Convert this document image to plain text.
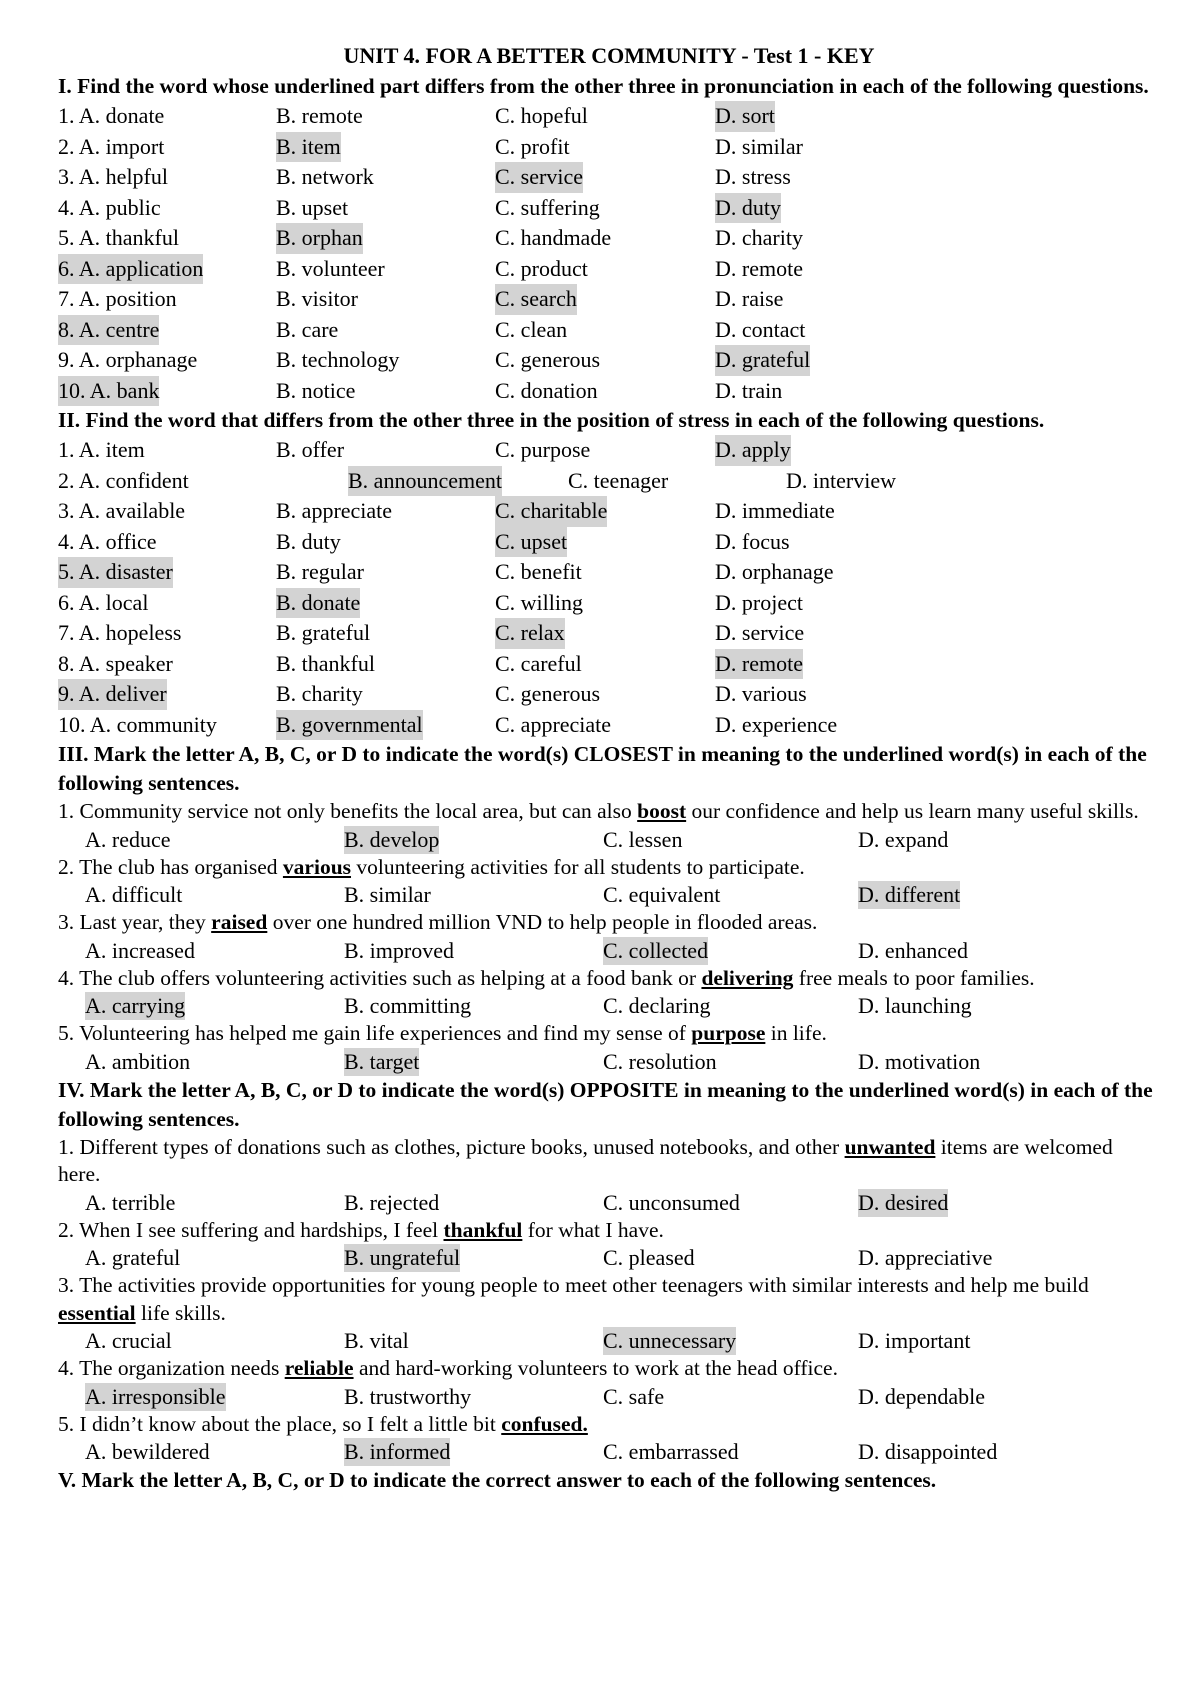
UNIT 4. FOR A BETTER COMMUNITY - Test 1 - KEY

I. Find the word whose underlined part differs from the other three in pronunciation in each of the following questions.

1. A. donate	B. remote	C. hopeful	D. sort
2. A. import	B. item	C. profit	D. similar
3. A. helpful	B. network	C. service	D. stress
4. A. public	B. upset	C. suffering	D. duty
5. A. thankful	B. orphan	C. handmade	D. charity
6. A. application	B. volunteer	C. product	D. remote
7. A. position	B. visitor	C. search	D. raise
8. A. centre	B. care	C. clean	D. contact
9. A. orphanage	B. technology	C. generous	D. grateful
10. A. bank	B. notice	C. donation	D. train

II. Find the word that differs from the other three in the position of stress in each of the following questions.

1. A. item	B. offer	C. purpose	D. apply
2. A. confident	B. announcement	C. teenager	D. interview
3. A. available	B. appreciate	C. charitable	D. immediate
4. A. office	B. duty	C. upset	D. focus
5. A. disaster	B. regular	C. benefit	D. orphanage
6. A. local	B. donate	C. willing	D. project
7. A. hopeless	B. grateful	C. relax	D. service
8. A. speaker	B. thankful	C. careful	D. remote
9. A. deliver	B. charity	C. generous	D. various
10. A. community	B. governmental	C. appreciate	D. experience

III. Mark the letter A, B, C, or D to indicate the word(s) CLOSEST in meaning to the underlined word(s) in each of the following sentences.

1. Community service not only benefits the local area, but can also boost our confidence and help us learn many useful skills.

A. reduce	B. develop	C. lessen	D. expand

2. The club has organised various volunteering activities for all students to participate.

A. difficult	B. similar	C. equivalent	D. different

3. Last year, they raised over one hundred million VND to help people in flooded areas.

A. increased	B. improved	C. collected	D. enhanced

4. The club offers volunteering activities such as helping at a food bank or delivering free meals to poor families.

A. carrying	B. committing	C. declaring	D. launching

5. Volunteering has helped me gain life experiences and find my sense of purpose in life.

A. ambition	B. target	C. resolution	D. motivation

IV. Mark the letter A, B, C, or D to indicate the word(s) OPPOSITE in meaning to the underlined word(s) in each of the following sentences.

1. Different types of donations such as clothes, picture books, unused notebooks, and other unwanted items are welcomed here.

A. terrible	B. rejected	C. unconsumed	D. desired

2. When I see suffering and hardships, I feel thankful for what I have.

A. grateful	B. ungrateful	C. pleased	D. appreciative

3. The activities provide opportunities for young people to meet other teenagers with similar interests and help me build essential life skills.

A. crucial	B. vital	C. unnecessary	D. important

4. The organization needs reliable and hard-working volunteers to work at the head office.

A. irresponsible	B. trustworthy	C. safe	D. dependable

5. I didn’t know about the place, so I felt a little bit confused.

A. bewildered	B. informed	C. embarrassed	D. disappointed

V. Mark the letter A, B, C, or D to indicate the correct answer to each of the following sentences.
